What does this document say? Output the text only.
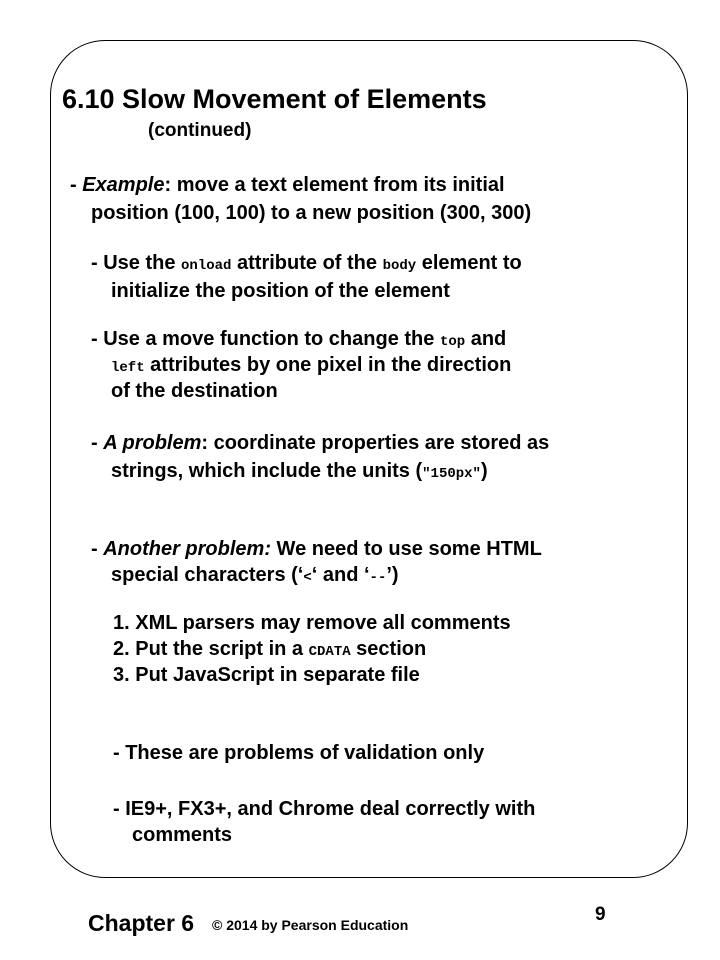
6.10 Slow Movement of Elements
(continued)
- Example: move a text element from its initial
position (100, 100) to a new position (300, 300)
- Use the onload attribute of the body element to
initialize the position of the element
- Use a move function to change the top and
left attributes by one pixel in the direction
of the destination
- A problem: coordinate properties are stored as
strings, which include the units ("150px")
- Another problem: We need to use some HTML
special characters (‘<‘ and ‘--’)
1. XML parsers may remove all comments
2. Put the script in a CDATA section
3. Put JavaScript in separate file
- These are problems of validation only
- IE9+, FX3+, and Chrome deal correctly with
comments
Chapter 6 © 2014 by Pearson Education	9
